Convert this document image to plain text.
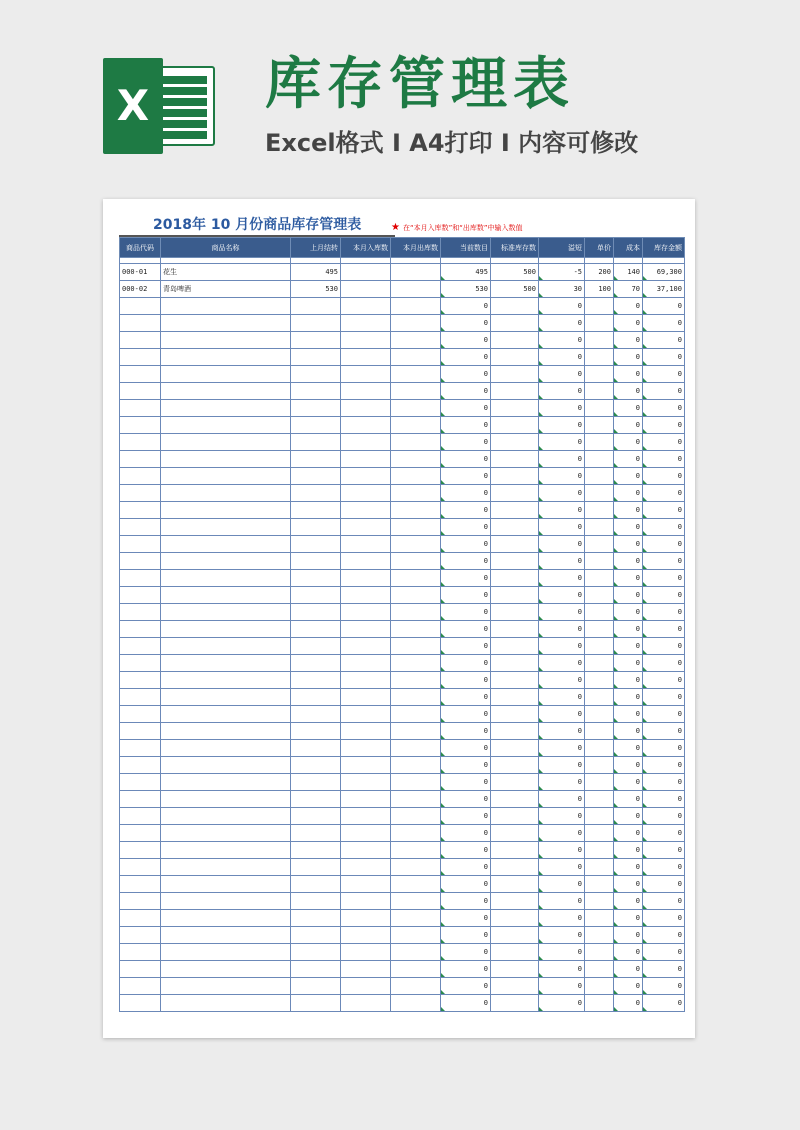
X 库存管理表
Excel格式 I A4打印 I 内容可修改
2018年 10 月份商品库存管理表	★ 在“本月入库数”和“出库数”中输入数值
商品代码	商品名称	上月结转	本月入库数	本月出库数	当前数目	标准库存数	溢短	单价	成本	库存金额

000-01	花生	495			495	500	-5	200	140	69,300
000-02	青岛啤酒	530			530	500	30	100	70	37,100
					0		0		0	0
					0		0		0	0
					0		0		0	0
					0		0		0	0
					0		0		0	0
					0		0		0	0
					0		0		0	0
					0		0		0	0
					0		0		0	0
					0		0		0	0
					0		0		0	0
					0		0		0	0
					0		0		0	0
					0		0		0	0
					0		0		0	0
					0		0		0	0
					0		0		0	0
					0		0		0	0
					0		0		0	0
					0		0		0	0
					0		0		0	0
					0		0		0	0
					0		0		0	0
					0		0		0	0
					0		0		0	0
					0		0		0	0
					0		0		0	0
					0		0		0	0
					0		0		0	0
					0		0		0	0
					0		0		0	0
					0		0		0	0
					0		0		0	0
					0		0		0	0
					0		0		0	0
					0		0		0	0
					0		0		0	0
					0		0		0	0
					0		0		0	0
					0		0		0	0
					0		0		0	0
					0		0		0	0
